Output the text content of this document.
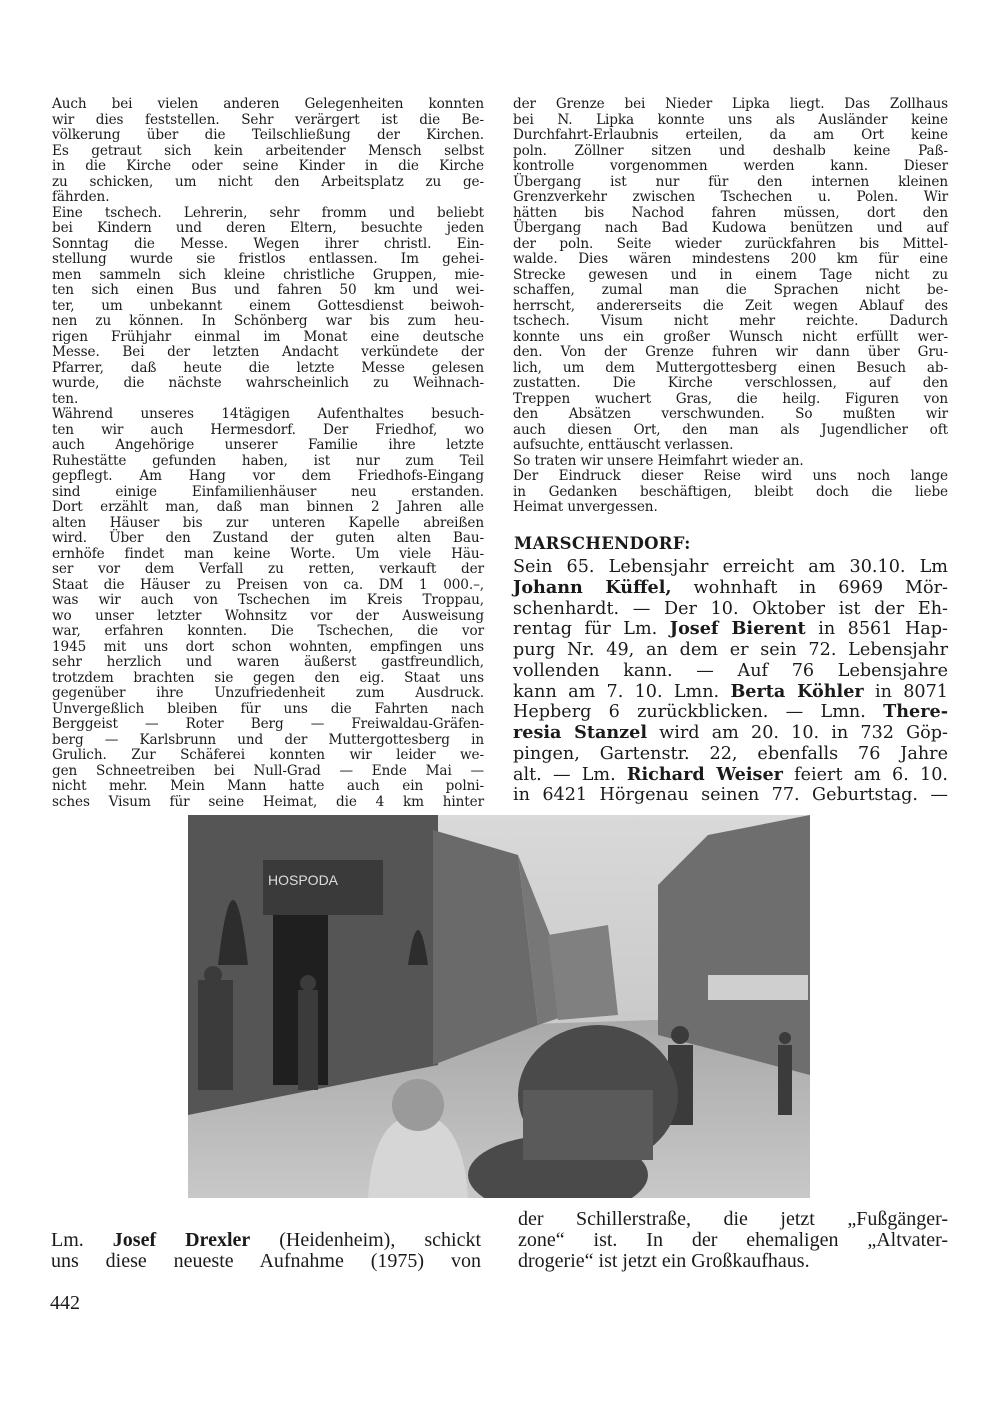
Auch bei vielen anderen Gelegenheiten konnten
wir dies feststellen. Sehr verärgert ist die Be-
völkerung über die Teilschließung der Kirchen.
Es getraut sich kein arbeitender Mensch selbst
in die Kirche oder seine Kinder in die Kirche
zu schicken, um nicht den Arbeitsplatz zu ge-
fährden.
Eine tschech. Lehrerin, sehr fromm und beliebt
bei Kindern und deren Eltern, besuchte jeden
Sonntag die Messe. Wegen ihrer christl. Ein-
stellung wurde sie fristlos entlassen. Im gehei-
men sammeln sich kleine christliche Gruppen, mie-
ten sich einen Bus und fahren 50 km und wei-
ter, um unbekannt einem Gottesdienst beiwoh-
nen zu können. In Schönberg war bis zum heu-
rigen Frühjahr einmal im Monat eine deutsche
Messe. Bei der letzten Andacht verkündete der
Pfarrer, daß heute die letzte Messe gelesen
wurde, die nächste wahrscheinlich zu Weihnach-
ten.
Während unseres 14tägigen Aufenthaltes besuch-
ten wir auch Hermesdorf. Der Friedhof, wo
auch Angehörige unserer Familie ihre letzte
Ruhestätte gefunden haben, ist nur zum Teil
gepflegt. Am Hang vor dem Friedhofs-Eingang
sind einige Einfamilienhäuser neu erstanden.
Dort erzählt man, daß man binnen 2 Jahren alle
alten Häuser bis zur unteren Kapelle abreißen
wird. Über den Zustand der guten alten Bau-
ernhöfe findet man keine Worte. Um viele Häu-
ser vor dem Verfall zu retten, verkauft der
Staat die Häuser zu Preisen von ca. DM 1 000.–,
was wir auch von Tschechen im Kreis Troppau,
wo unser letzter Wohnsitz vor der Ausweisung
war, erfahren konnten. Die Tschechen, die vor
1945 mit uns dort schon wohnten, empfingen uns
sehr herzlich und waren äußerst gastfreundlich,
trotzdem brachten sie gegen den eig. Staat uns
gegenüber ihre Unzufriedenheit zum Ausdruck.
Unvergeßlich bleiben für uns die Fahrten nach
Berggeist — Roter Berg — Freiwaldau-Gräfen-
berg — Karlsbrunn und der Muttergottesberg in
Grulich. Zur Schäferei konnten wir leider we-
gen Schneetreiben bei Null-Grad — Ende Mai —
nicht mehr. Mein Mann hatte auch ein polni-
sches Visum für seine Heimat, die 4 km hinter
der Grenze bei Nieder Lipka liegt. Das Zollhaus
bei N. Lipka konnte uns als Ausländer keine
Durchfahrt-Erlaubnis erteilen, da am Ort keine
poln. Zöllner sitzen und deshalb keine Paß-
kontrolle vorgenommen werden kann. Dieser
Übergang ist nur für den internen kleinen
Grenzverkehr zwischen Tschechen u. Polen. Wir
hätten bis Nachod fahren müssen, dort den
Übergang nach Bad Kudowa benützen und auf
der poln. Seite wieder zurückfahren bis Mittel-
walde. Dies wären mindestens 200 km für eine
Strecke gewesen und in einem Tage nicht zu
schaffen, zumal man die Sprachen nicht be-
herrscht, andererseits die Zeit wegen Ablauf des
tschech. Visum nicht mehr reichte. Dadurch
konnte uns ein großer Wunsch nicht erfüllt wer-
den. Von der Grenze fuhren wir dann über Gru-
lich, um dem Muttergottesberg einen Besuch ab-
zustatten. Die Kirche verschlossen, auf den
Treppen wuchert Gras, die heilg. Figuren von
den Absätzen verschwunden. So mußten wir
auch diesen Ort, den man als Jugendlicher oft
aufsuchte, enttäuscht verlassen.
So traten wir unsere Heimfahrt wieder an.
Der Eindruck dieser Reise wird uns noch lange
in Gedanken beschäftigen, bleibt doch die liebe
Heimat unvergessen.
MARSCHENDORF:
Sein 65. Lebensjahr erreicht am 30.10. Lm
Johann Küffel, wohnhaft in 6969 Mör-
schenhardt. — Der 10. Oktober ist der Eh-
rentag für Lm. Josef Bierent in 8561 Hap-
purg Nr. 49, an dem er sein 72. Lebensjahr
vollenden kann. — Auf 76 Lebensjahre
kann am 7. 10. Lmn. Berta Köhler in 8071
Hepberg 6 zurückblicken. — Lmn. There-
resia Stanzel wird am 20. 10. in 732 Göp-
pingen, Gartenstr. 22, ebenfalls 76 Jahre
alt. — Lm. Richard Weiser feiert am 6. 10.
in 6421 Hörgenau seinen 77. Geburtstag. —
HOSPODA
Lm. Josef Drexler (Heidenheim), schickt
uns diese neueste Aufnahme (1975) von
der Schillerstraße, die jetzt „Fußgänger-
zone“ ist. In der ehemaligen „Altvater-
drogerie“ ist jetzt ein Großkaufhaus.
442
